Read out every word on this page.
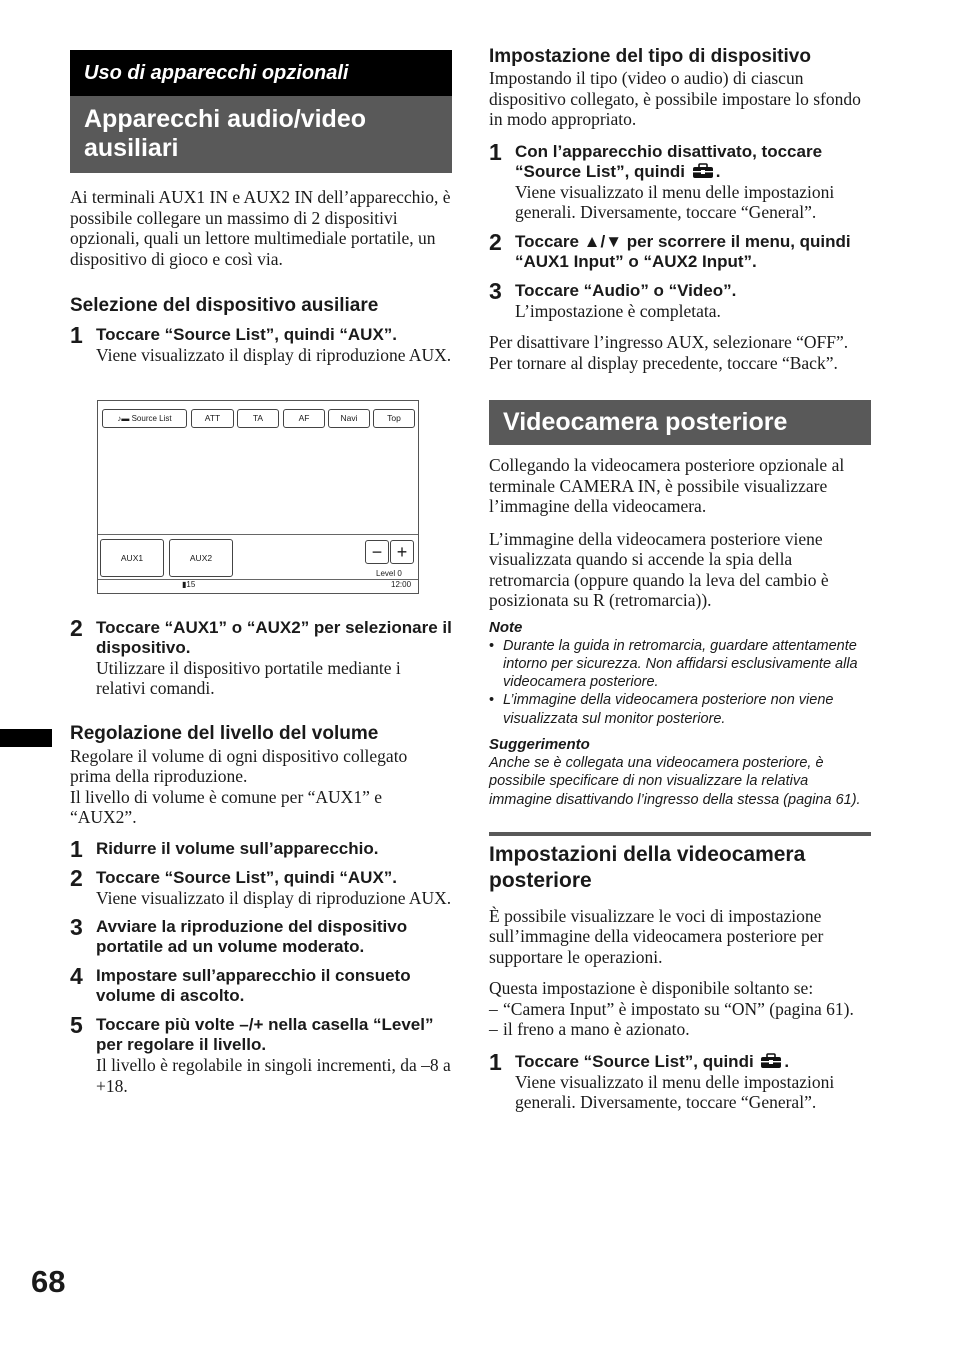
Uso di apparecchi opzionali
Apparecchi audio/video ausiliari

Ai terminali AUX1 IN e AUX2 IN dell’apparecchio, è possibile collegare un massimo di 2 dispositivi opzionali, quali un lettore multimediale portatile, un dispositivo di gioco e così via.

Selezione del dispositivo ausiliare
1 Toccare “Source List”, quindi “AUX”.
Viene visualizzato il display di riproduzione AUX.
♪▬ Source List	ATT	TA	AF	Navi	Top
AUX1	AUX2	− +
Level 0
▮15	12:00
2 Toccare “AUX1” o “AUX2” per selezionare il dispositivo.
Utilizzare il dispositivo portatile mediante i relativi comandi.
Regolazione del livello del volume

Regolare il volume di ogni dispositivo collegato prima della riproduzione.

Il livello di volume è comune per “AUX1” e “AUX2”.

1 Ridurre il volume sull’apparecchio.
2 Toccare “Source List”, quindi “AUX”.
Viene visualizzato il display di riproduzione AUX.
3 Avviare la riproduzione del dispositivo portatile ad un volume moderato.
4 Impostare sull’apparecchio il consueto volume di ascolto.
5 Toccare più volte –/+ nella casella “Level” per regolare il livello.
Il livello è regolabile in singoli incrementi, da –8 a +18.
Impostazione del tipo di dispositivo

Impostando il tipo (video o audio) di ciascun dispositivo collegato, è possibile impostare lo sfondo in modo appropriato.

1 Con l’apparecchio disattivato, toccare “Source List”, quindi .
Viene visualizzato il menu delle impostazioni generali. Diversamente, toccare “General”.
2 Toccare ▲/▼ per scorrere il menu, quindi “AUX1 Input” o “AUX2 Input”.
3 Toccare “Audio” o “Video”.
L’impostazione è completata.

Per disattivare l’ingresso AUX, selezionare “OFF”.

Per tornare al display precedente, toccare “Back”.

Videocamera posteriore

Collegando la videocamera posteriore opzionale al terminale CAMERA IN, è possibile visualizzare l’immagine della videocamera.

L’immagine della videocamera posteriore viene visualizzata quando si accende la spia della retromarcia (oppure quando la leva del cambio è posizionata su R (retromarcia)).

Note
• Durante la guida in retromarcia, guardare attentamente intorno per sicurezza. Non affidarsi esclusivamente alla videocamera posteriore.
• L’immagine della videocamera posteriore non viene visualizzata sul monitor posteriore.
Suggerimento
Anche se è collegata una videocamera posteriore, è possibile specificare di non visualizzare la relativa immagine disattivando l’ingresso della stessa (pagina 61).
Impostazioni della videocamera posteriore

È possibile visualizzare le voci di impostazione sull’immagine della videocamera posteriore per supportare le operazioni.

Questa impostazione è disponibile soltanto se:

– “Camera Input” è impostato su “ON” (pagina 61).

– il freno a mano è azionato.

1 Toccare “Source List”, quindi .
Viene visualizzato il menu delle impostazioni generali. Diversamente, toccare “General”.
68
